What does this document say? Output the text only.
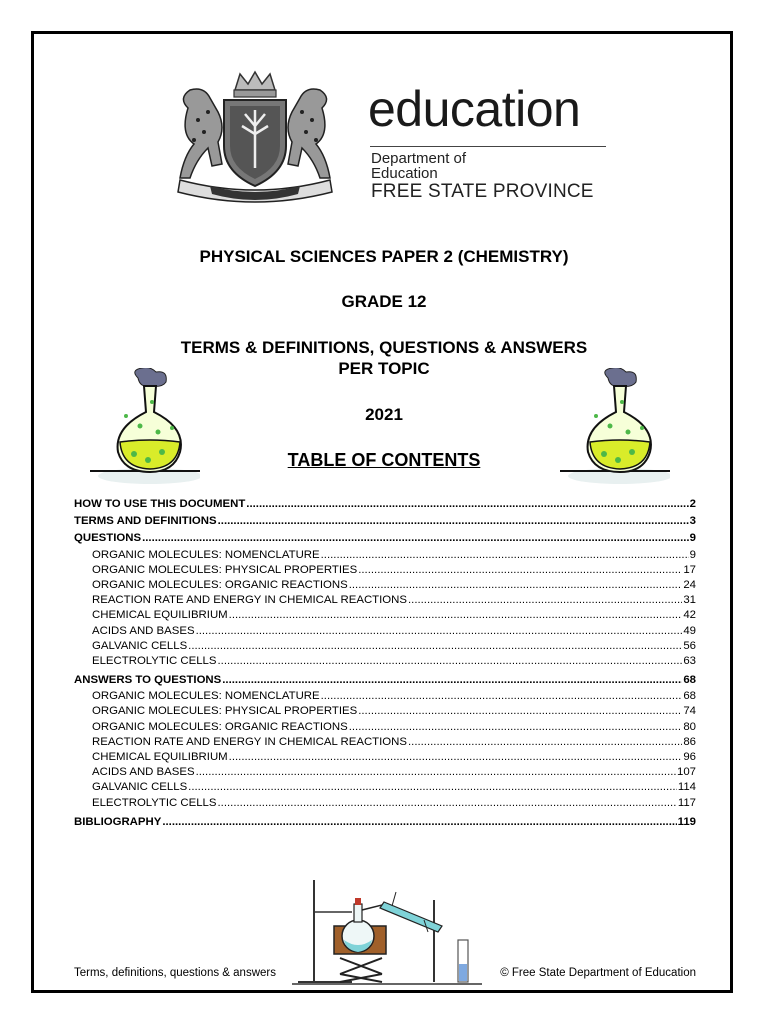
education
Department of
Education
FREE STATE PROVINCE
PHYSICAL SCIENCES PAPER 2 (CHEMISTRY)
GRADE 12
TERMS & DEFINITIONS, QUESTIONS & ANSWERS
PER TOPIC
2021
TABLE OF CONTENTS
HOW TO USE THIS DOCUMENT .....	2
TERMS AND DEFINITIONS .....	3
QUESTIONS .....	9
ORGANIC MOLECULES: NOMENCLATURE .....	9
ORGANIC MOLECULES: PHYSICAL PROPERTIES .....	17
ORGANIC MOLECULES: ORGANIC REACTIONS .....	24
REACTION RATE AND ENERGY IN CHEMICAL REACTIONS .....	31
CHEMICAL EQUILIBRIUM .....	42
ACIDS AND BASES .....	49
GALVANIC CELLS .....	56
ELECTROLYTIC CELLS .....	63
ANSWERS TO QUESTIONS .....	68
ORGANIC MOLECULES: NOMENCLATURE .....	68
ORGANIC MOLECULES: PHYSICAL PROPERTIES .....	74
ORGANIC MOLECULES: ORGANIC REACTIONS .....	80
REACTION RATE AND ENERGY IN CHEMICAL REACTIONS .....	86
CHEMICAL EQUILIBRIUM .....	96
ACIDS AND BASES .....	107
GALVANIC CELLS .....	114
ELECTROLYTIC CELLS .....	117
BIBLIOGRAPHY .....	119
Terms, definitions, questions & answers	© Free State Department of Education
